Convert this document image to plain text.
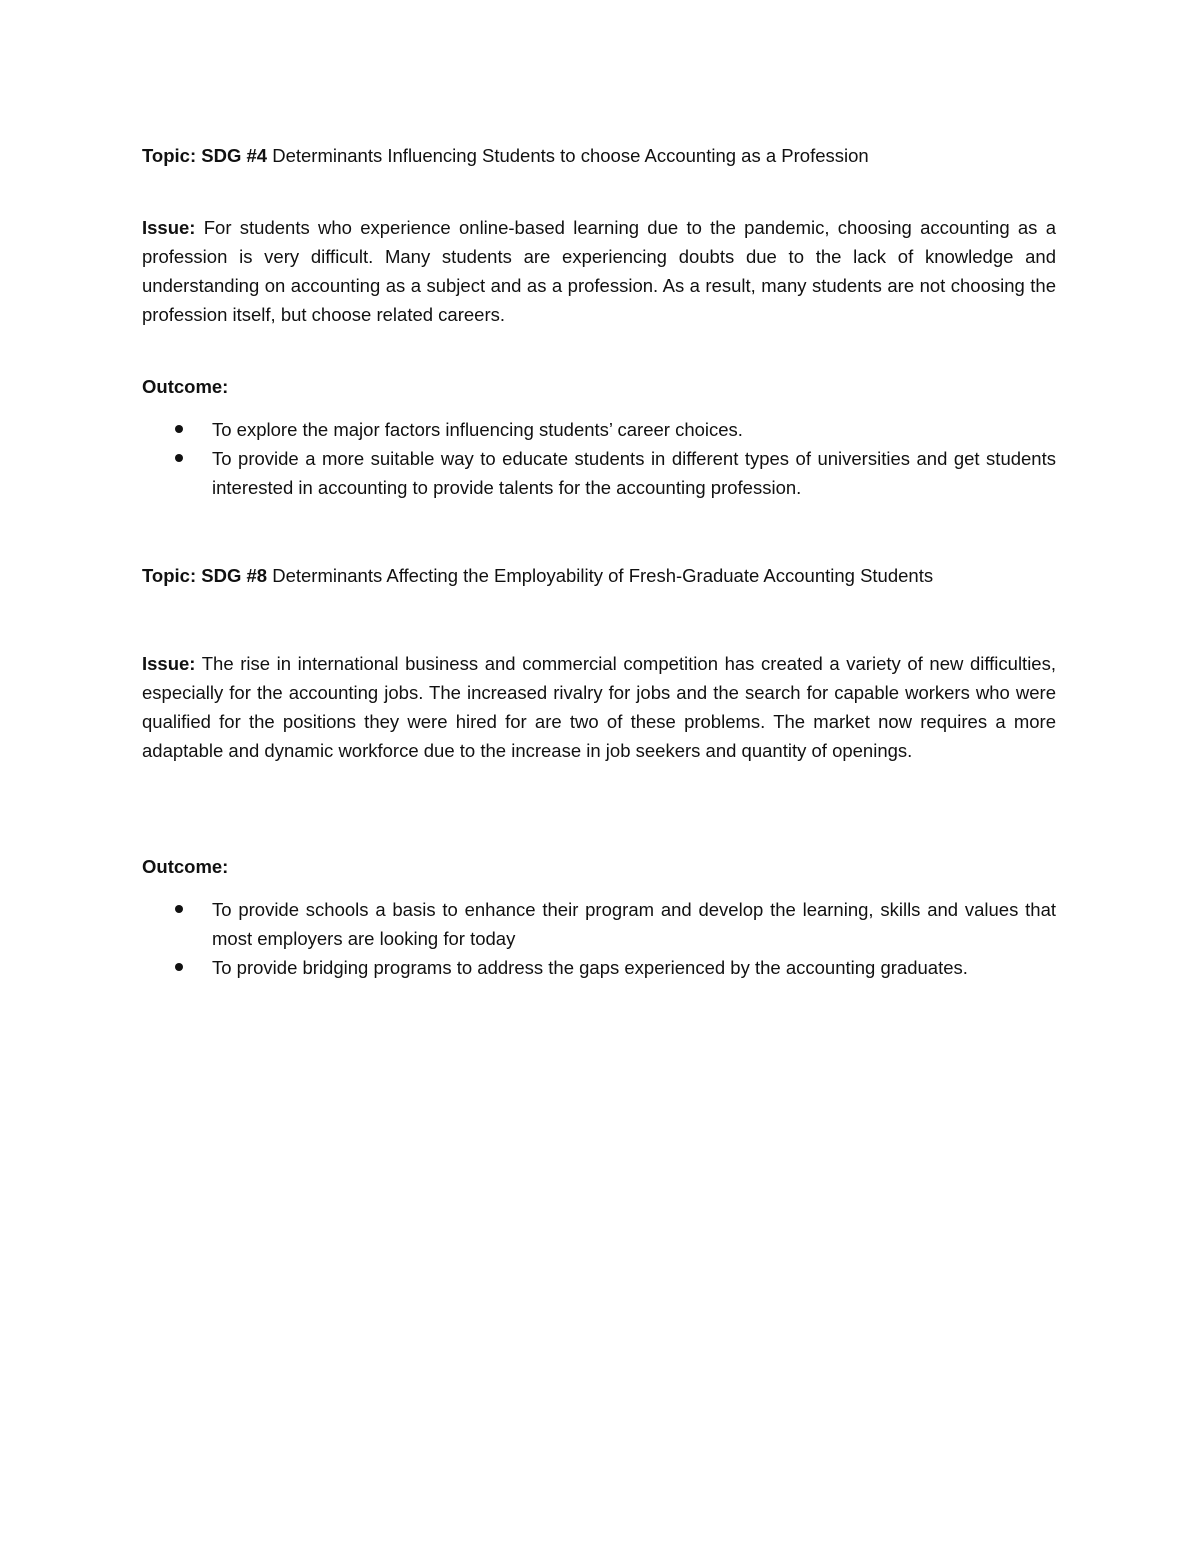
Topic: SDG #4 Determinants Influencing Students to choose Accounting as a Profession
Issue: For students who experience online-based learning due to the pandemic, choosing accounting as a profession is very difficult. Many students are experiencing doubts due to the lack of knowledge and understanding on accounting as a subject and as a profession. As a result, many students are not choosing the profession itself, but choose related careers.
Outcome:
To explore the major factors influencing students’ career choices.
To provide a more suitable way to educate students in different types of universities and get students interested in accounting to provide talents for the accounting profession.
Topic: SDG #8 Determinants Affecting the Employability of Fresh-Graduate Accounting Students
Issue: The rise in international business and commercial competition has created a variety of new difficulties, especially for the accounting jobs. The increased rivalry for jobs and the search for capable workers who were qualified for the positions they were hired for are two of these problems. The market now requires a more adaptable and dynamic workforce due to the increase in job seekers and quantity of openings.
Outcome:
To provide schools a basis to enhance their program and develop the learning, skills and values that most employers are looking for today
To provide bridging programs to address the gaps experienced by the accounting graduates.
